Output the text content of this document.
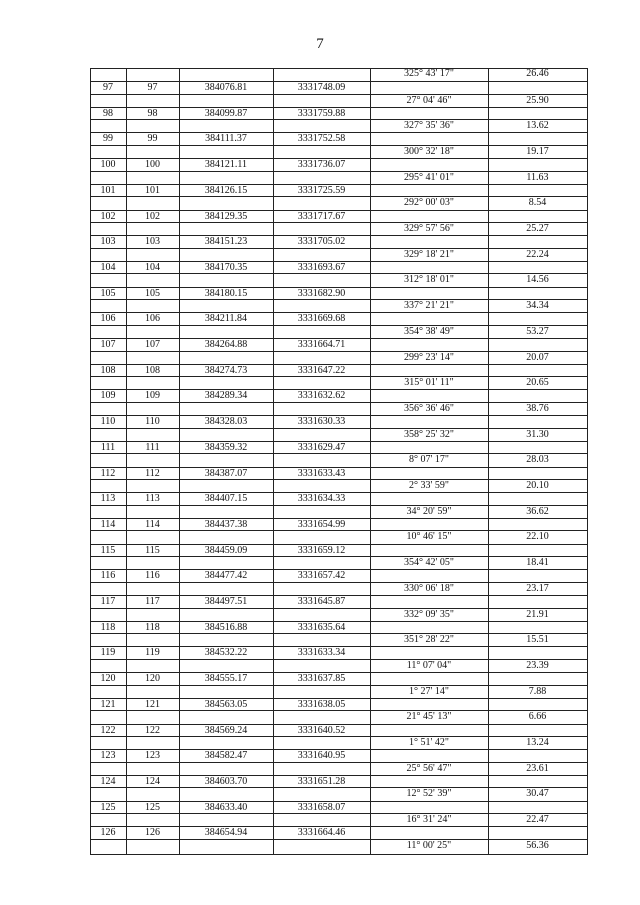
7
325° 43' 17"	26.46
97	97	384076.81	3331748.09
27° 04' 46"	25.90
98	98	384099.87	3331759.88
327° 35' 36"	13.62
99	99	384111.37	3331752.58
300° 32' 18"	19.17
100	100	384121.11	3331736.07
295° 41' 01"	11.63
101	101	384126.15	3331725.59
292° 00' 03"	8.54
102	102	384129.35	3331717.67
329° 57' 56"	25.27
103	103	384151.23	3331705.02
329° 18' 21"	22.24
104	104	384170.35	3331693.67
312° 18' 01"	14.56
105	105	384180.15	3331682.90
337° 21' 21"	34.34
106	106	384211.84	3331669.68
354° 38' 49"	53.27
107	107	384264.88	3331664.71
299° 23' 14"	20.07
108	108	384274.73	3331647.22
315° 01' 11"	20.65
109	109	384289.34	3331632.62
356° 36' 46"	38.76
110	110	384328.03	3331630.33
358° 25' 32"	31.30
111	111	384359.32	3331629.47
8° 07' 17"	28.03
112	112	384387.07	3331633.43
2° 33' 59"	20.10
113	113	384407.15	3331634.33
34° 20' 59"	36.62
114	114	384437.38	3331654.99
10° 46' 15"	22.10
115	115	384459.09	3331659.12
354° 42' 05"	18.41
116	116	384477.42	3331657.42
330° 06' 18"	23.17
117	117	384497.51	3331645.87
332° 09' 35"	21.91
118	118	384516.88	3331635.64
351° 28' 22"	15.51
119	119	384532.22	3331633.34
11° 07' 04"	23.39
120	120	384555.17	3331637.85
1° 27' 14"	7.88
121	121	384563.05	3331638.05
21° 45' 13"	6.66
122	122	384569.24	3331640.52
1° 51' 42"	13.24
123	123	384582.47	3331640.95
25° 56' 47"	23.61
124	124	384603.70	3331651.28
12° 52' 39"	30.47
125	125	384633.40	3331658.07
16° 31' 24"	22.47
126	126	384654.94	3331664.46
11° 00' 25"	56.36
